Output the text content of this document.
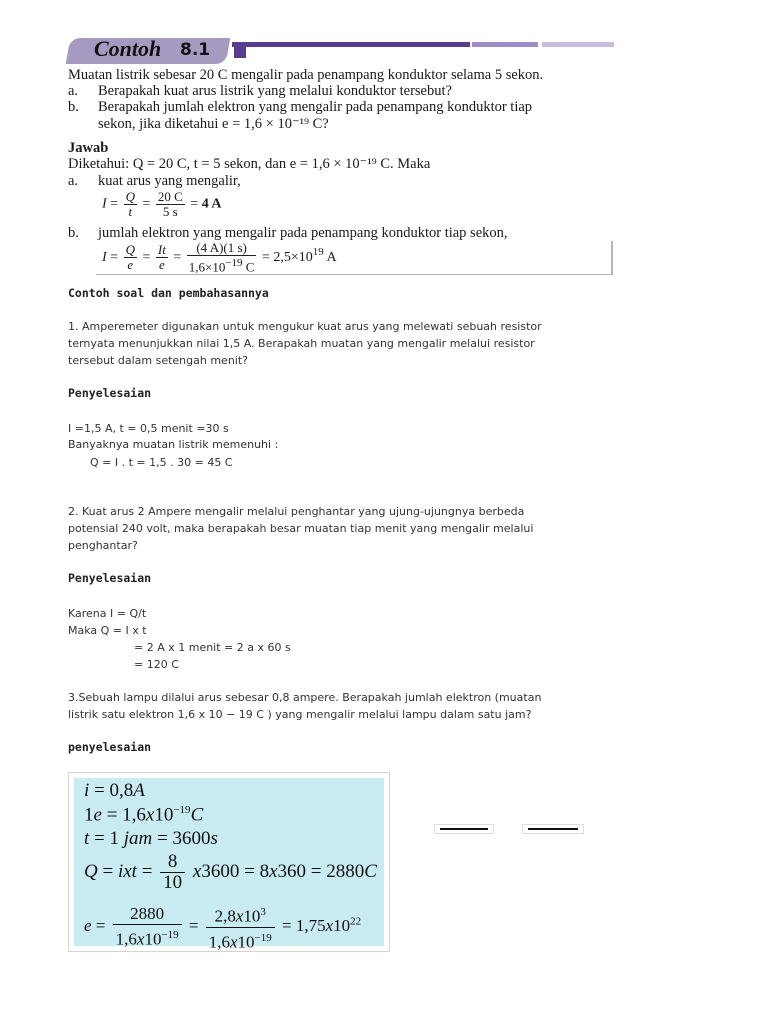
Contoh 8.1
Muatan listrik sebesar 20 C mengalir pada penampang konduktor selama 5 sekon.
a. Berapakah kuat arus listrik yang melalui konduktor tersebut?
b. Berapakah jumlah elektron yang mengalir pada penampang konduktor tiap
sekon, jika diketahui e = 1,6 × 10⁻¹⁹ C?
Jawab
Diketahui: Q = 20 C, t = 5 sekon, dan e = 1,6 × 10⁻¹⁹ C. Maka
a. kuat arus yang mengalir,
$I = \frac{Q}{t} = \frac{20 C}{5 s} = 4$ A
b. jumlah elektron yang mengalir pada penampang konduktor tiap sekon,
$I = \frac{Q}{e} = \frac{It}{e} = \frac{(4 A)(1 s)}{1,6\times 10^{-19} C} = 2,5\times 10^{19}$ A
Contoh soal dan pembahasannya
1. Amperemeter digunakan untuk mengukur kuat arus yang melewati sebuah resistor
ternyata menunjukkan nilai 1,5 A. Berapakah muatan yang mengalir melalui resistor
tersebut dalam setengah menit?
Penyelesaian
I =1,5 A, t = 0,5 menit =30 s
Banyaknya muatan listrik memenuhi :
Q = I . t = 1,5 . 30 = 45 C
2. Kuat arus 2 Ampere mengalir melalui penghantar yang ujung-ujungnya berbeda
potensial 240 volt, maka berapakah besar muatan tiap menit yang mengalir melalui
penghantar?
Penyelesaian
Karena I = Q/t
Maka Q = I x t
= 2 A x 1 menit = 2 a x 60 s
= 120 C
3.Sebuah lampu dilalui arus sebesar 0,8 ampere. Berapakah jumlah elektron (muatan
listrik satu elektron 1,6 x 10 − 19 C ) yang mengalir melalui lampu dalam satu jam?
penyelesaian
i = 0,8A
$1e = 1,6x10^{-19}C$
t = 1 jam = 3600s
Q = ixt = $\frac{8}{10} x3600 = 8x360 = 2880C$
$e = \frac{2880}{1,6x10^{-19}} = \frac{2,8x10^3}{1,6x10^{-19}} = 1,75x10^{22}$
